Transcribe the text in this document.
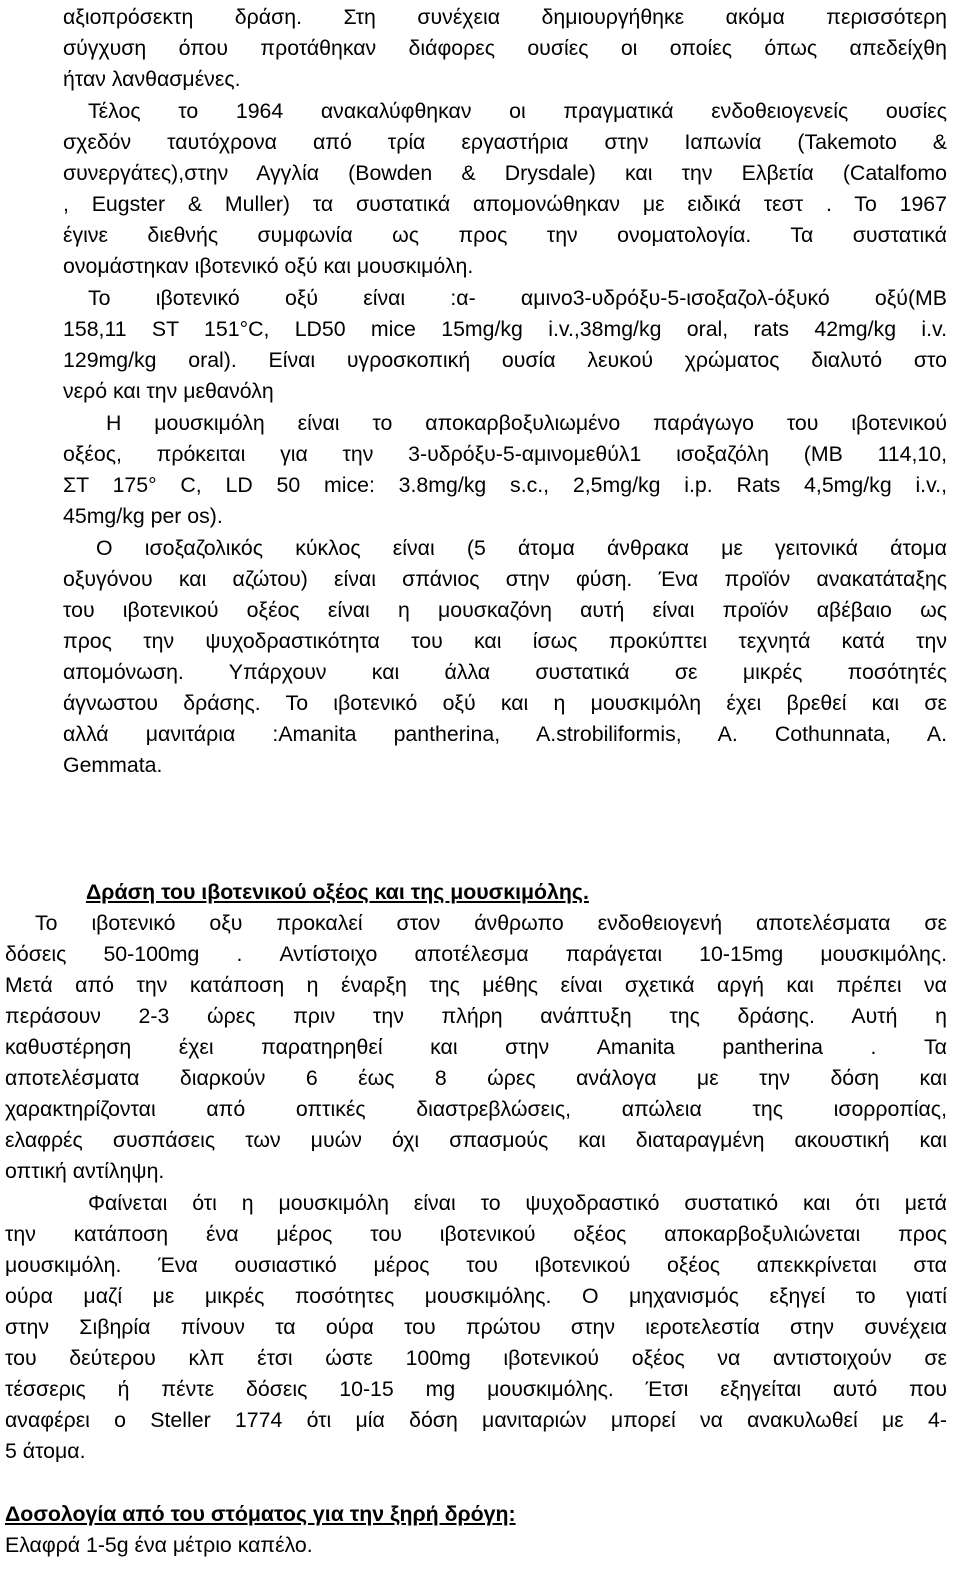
αξιοπρόσεκτη δράση. Στη συνέχεια δημιουργήθηκε ακόμα περισσότερη
σύγχυση όπου προτάθηκαν διάφορες ουσίες οι οποίες όπως απεδείχθη
ήταν λανθασμένες.
Τέλος το 1964 ανακαλύφθηκαν οι πραγματικά ενδοθειογενείς ουσίες
σχεδόν ταυτόχρονα από τρία εργαστήρια στην Ιαπωνία (Takemoto &
συνεργάτες),στην Αγγλία (Bowden & Drysdale) και την Ελβετία (Catalfomo
, Eugster & Muller) τα συστατικά απομονώθηκαν με ειδικά τεστ . Το 1967
έγινε διεθνής συμφωνία ως προς την ονοματολογία. Τα συστατικά
ονομάστηκαν ιβοτενικό οξύ και μουσκιμόλη.
Το ιβοτενικό οξύ είναι :α- αμινο3-υδρόξυ-5-ισοξαζολ-όξυκό οξύ(ΜΒ
158,11 ST 151°C, LD50 mice 15mg/kg i.v.,38mg/kg oral, rats 42mg/kg i.v.
129mg/kg oral). Είναι υγροσκοπική ουσία λευκού χρώματος διαλυτό στο
νερό και την μεθανόλη
Η μουσκιμόλη είναι το αποκαρβοξυλιωμένο παράγωγο του ιβοτενικού
οξέος, πρόκειται για την 3-υδρόξυ-5-αμινομεθύλ1 ισοξαζόλη (ΜΒ 114,10,
ΣΤ 175° C, LD 50 mice: 3.8mg/kg s.c., 2,5mg/kg i.p. Rats 4,5mg/kg i.v.,
45mg/kg per os).
Ο ισοξαζολικός κύκλος είναι (5 άτομα άνθρακα με γειτονικά άτομα
οξυγόνου και αζώτου) είναι σπάνιος στην φύση. Ένα προϊόν ανακατάταξης
του ιβοτενικού οξέος είναι η μουσκαζόνη αυτή είναι προϊόν αβέβαιο ως
προς την ψυχοδραστικότητα του και ίσως προκύπτει τεχνητά κατά την
απομόνωση. Υπάρχουν και άλλα συστατικά σε μικρές ποσότητές
άγνωστου δράσης. Το ιβοτενικό οξύ και η μουσκιμόλη έχει βρεθεί και σε
αλλά μανιτάρια :Amanita pantherina, A.strobiliformis, A. Cothunnata, A.
Gemmata.
Δράση του ιβοτενικού οξέος και της μουσκιμόλης.
Το ιβοτενικό οξυ προκαλεί στον άνθρωπο ενδοθειογενή αποτελέσματα σε
δόσεις 50-100mg . Αντίστοιχο αποτέλεσμα παράγεται 10-15mg μουσκιμόλης.
Μετά από την κατάποση η έναρξη της μέθης είναι σχετικά αργή και πρέπει να
περάσουν 2-3 ώρες πριν την πλήρη ανάπτυξη της δράσης. Αυτή η
καθυστέρηση έχει παρατηρηθεί και στην Amanita pantherina . Τα
αποτελέσματα διαρκούν 6 έως 8 ώρες ανάλογα με την δόση και
χαρακτηρίζονται από οπτικές διαστρεβλώσεις, απώλεια της ισορροπίας,
ελαφρές συσπάσεις των μυών όχι σπασμούς και διαταραγμένη ακουστική και
οπτική αντίληψη.
Φαίνεται ότι η μουσκιμόλη είναι το ψυχοδραστικό συστατικό και ότι μετά
την κατάποση ένα μέρος του ιβοτενικού οξέος αποκαρβοξυλιώνεται προς
μουσκιμόλη. Ένα ουσιαστικό μέρος του ιβοτενικού οξέος απεκκρίνεται στα
ούρα μαζί με μικρές ποσότητες μουσκιμόλης. Ο μηχανισμός εξηγεί το γιατί
στην Σιβηρία πίνουν τα ούρα του πρώτου στην ιεροτελεστία στην συνέχεια
του δεύτερου κλπ έτσι ώστε 100mg ιβοτενικού οξέος να αντιστοιχούν σε
τέσσερις ή πέντε δόσεις 10-15 mg μουσκιμόλης. Έτσι εξηγείται αυτό που
αναφέρει ο Steller 1774 ότι μία δόση μανιταριών μπορεί να ανακυλωθεί με 4-
5 άτομα.
Δοσολογία από του στόματος για την ξηρή δρόγη:
Ελαφρά 1-5g ένα μέτριο καπέλο.
